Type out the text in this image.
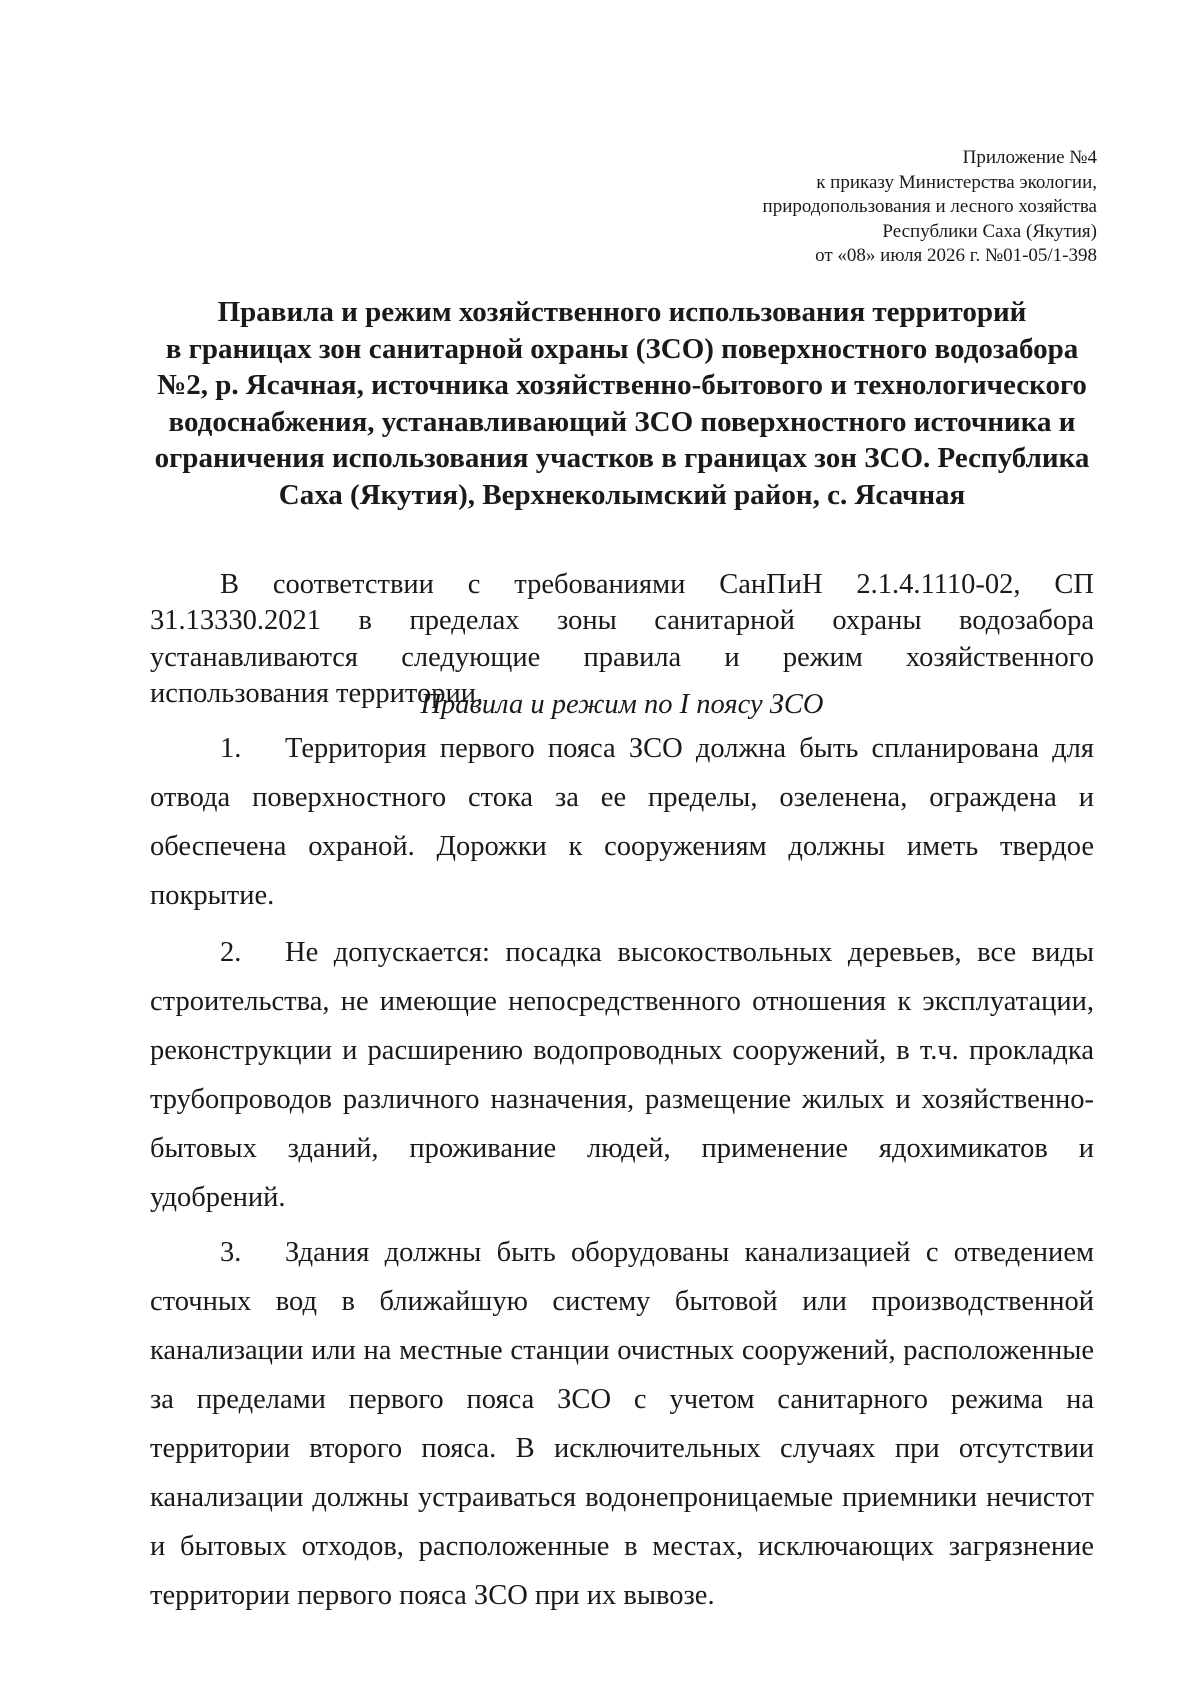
Приложение №4
к приказу Министерства экологии,
природопользования и лесного хозяйства
Республики Саха (Якутия)
от «08» июля 2026 г. №01-05/1-398
Правила и режим хозяйственного использования территорий
в границах зон санитарной охраны (ЗСО) поверхностного водозабора
№2, р. Ясачная, источника хозяйственно-бытового и технологического
водоснабжения, устанавливающий ЗСО поверхностного источника и
ограничения использования участков в границах зон ЗСО. Республика
Саха (Якутия), Верхнеколымский район, с. Ясачная

В соответствии с требованиями СанПиН 2.1.4.1110-02, СП 31.13330.2021 в пределах зоны санитарной охраны водозабора устанавливаются следующие правила и режим хозяйственного использования территории.

Правила и режим по I поясу ЗСО

1. Территория первого пояса ЗСО должна быть спланирована для отвода поверхностного стока за ее пределы, озеленена, ограждена и обеспечена охраной. Дорожки к сооружениям должны иметь твердое покрытие.

2. Не допускается: посадка высокоствольных деревьев, все виды строительства, не имеющие непосредственного отношения к эксплуатации, реконструкции и расширению водопроводных сооружений, в т.ч. прокладка трубопроводов различного назначения, размещение жилых и хозяйственно-бытовых зданий, проживание людей, применение ядохимикатов и удобрений.

3. Здания должны быть оборудованы канализацией с отведением сточных вод в ближайшую систему бытовой или производственной канализации или на местные станции очистных сооружений, расположенные за пределами первого пояса ЗСО с учетом санитарного режима на территории второго пояса. В исключительных случаях при отсутствии канализации должны устраиваться водонепроницаемые приемники нечистот и бытовых отходов, расположенные в местах, исключающих загрязнение территории первого пояса ЗСО при их вывозе.
